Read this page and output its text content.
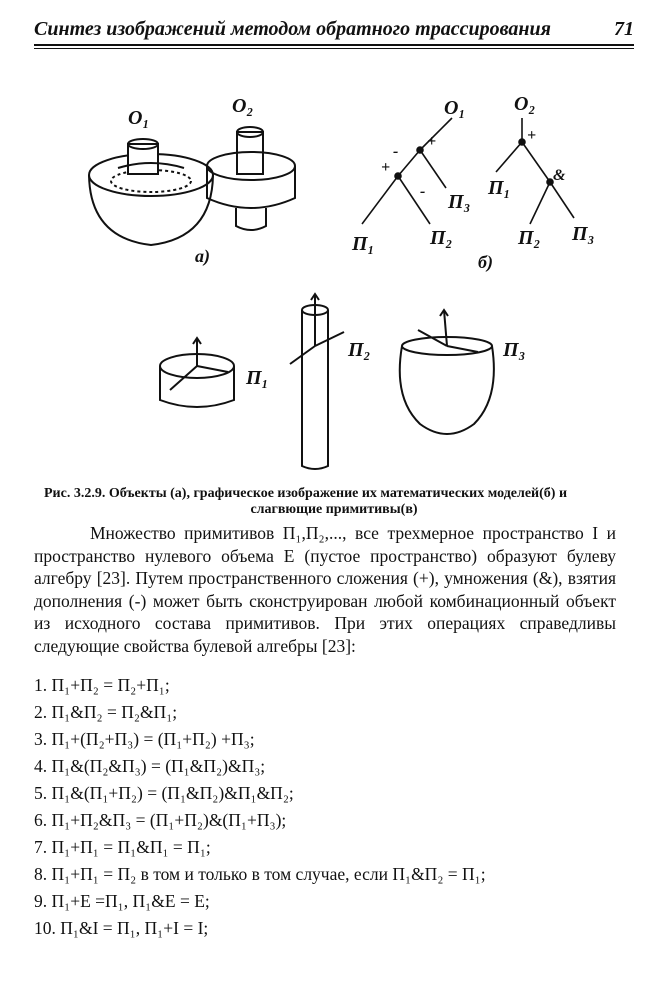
Синтез изображений методом обратного трассирования	71
O₁
O₂
а)
O₁
+
-
+
-
П₁	П₂
П₃
O₂
+
&
П₁
П₂ П₃
б)
П₁
П₂	П₃
Рис. 3.2.9. Объекты (а), графическое изображение их математических моделей(б) и
слагвющие примитивы(в)

Множество примитивов П₁,П₂,..., все трехмерное пространство I и пространство нулевого объема E (пустое пространство) образуют булеву алгебру [23]. Путем пространственного сложения (+), умножения (&), взятия дополнения (-) может быть сконструирован любой комбинационный объект из исходного состава примитивов. При этих операциях справедливы следующие свойства булевой алгебры [23]:

1. П₁+П₂ = П₂+П₁;
2. П₁&П₂ = П₂&П₁;
3. П₁+(П₂+П₃) = (П₁+П₂) +П₃;
4. П₁&(П₂&П₃) = (П₁&П₂)&П₃;
5. П₁&(П₁+П₂) = (П₁&П₂)&П₁&П₂;
6. П₁+П₂&П₃ = (П₁+П₂)&(П₁+П₃);
7. П₁+П₁ = П₁&П₁ = П₁;
8. П₁+П₁ = П₂ в том и только в том случае, если П₁&П₂ = П₁;
9. П₁+E =П₁, П₁&E = E;
10. П₁&I = П₁, П₁+I = I;
